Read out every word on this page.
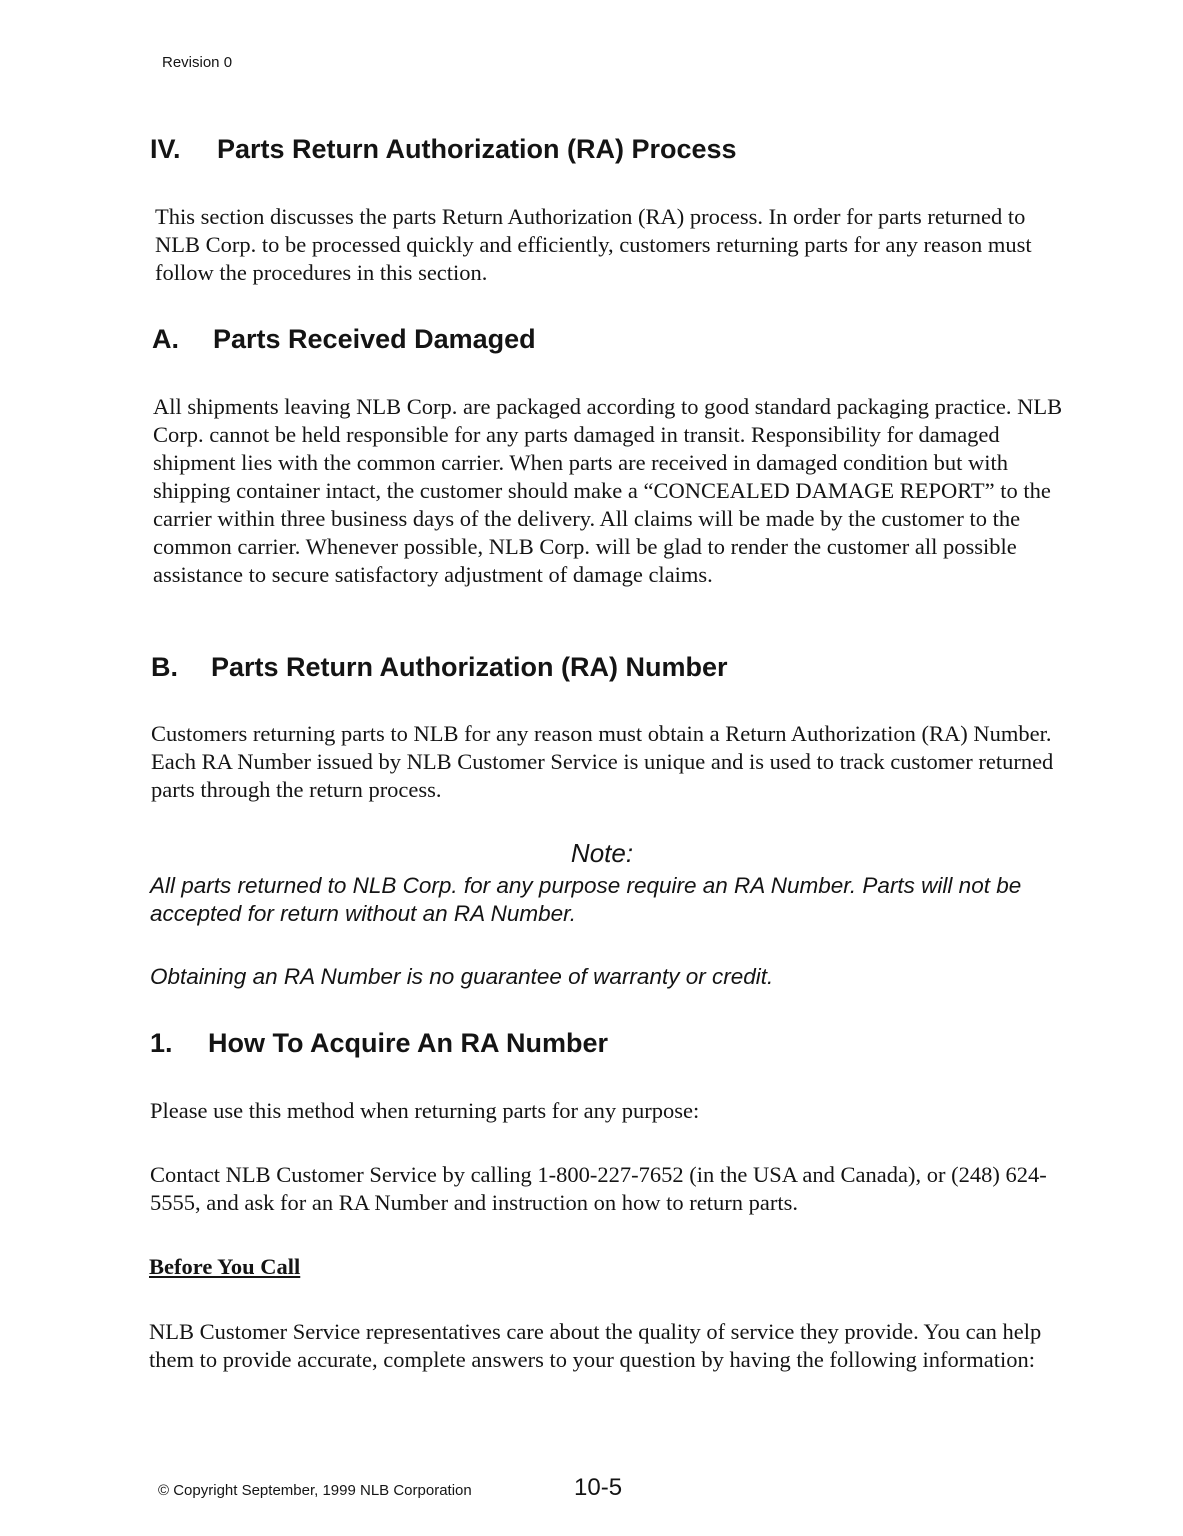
Revision 0
IV. Parts Return Authorization (RA) Process

This section discusses the parts Return Authorization (RA) process. In order for parts returned to NLB Corp. to be processed quickly and efficiently, customers returning parts for any reason must follow the procedures in this section.

A. Parts Received Damaged

All shipments leaving NLB Corp. are packaged according to good standard packaging practice. NLB Corp. cannot be held responsible for any parts damaged in transit. Responsibility for damaged shipment lies with the common carrier. When parts are received in damaged condition but with shipping container intact, the customer should make a “CONCEALED DAMAGE REPORT” to the carrier within three business days of the delivery. All claims will be made by the customer to the common carrier. Whenever possible, NLB Corp. will be glad to render the customer all possible assistance to secure satisfactory adjustment of damage claims.

B. Parts Return Authorization (RA) Number

Customers returning parts to NLB for any reason must obtain a Return Authorization (RA) Number. Each RA Number issued by NLB Customer Service is unique and is used to track customer returned parts through the return process.

Note:

All parts returned to NLB Corp. for any purpose require an RA Number. Parts will not be accepted for return without an RA Number.

Obtaining an RA Number is no guarantee of warranty or credit.

1. How To Acquire An RA Number

Please use this method when returning parts for any purpose:

Contact NLB Customer Service by calling 1-800-227-7652 (in the USA and Canada), or (248) 624-5555, and ask for an RA Number and instruction on how to return parts.

Before You Call

NLB Customer Service representatives care about the quality of service they provide. You can help them to provide accurate, complete answers to your question by having the following information:

© Copyright September, 1999 NLB Corporation	10-5
